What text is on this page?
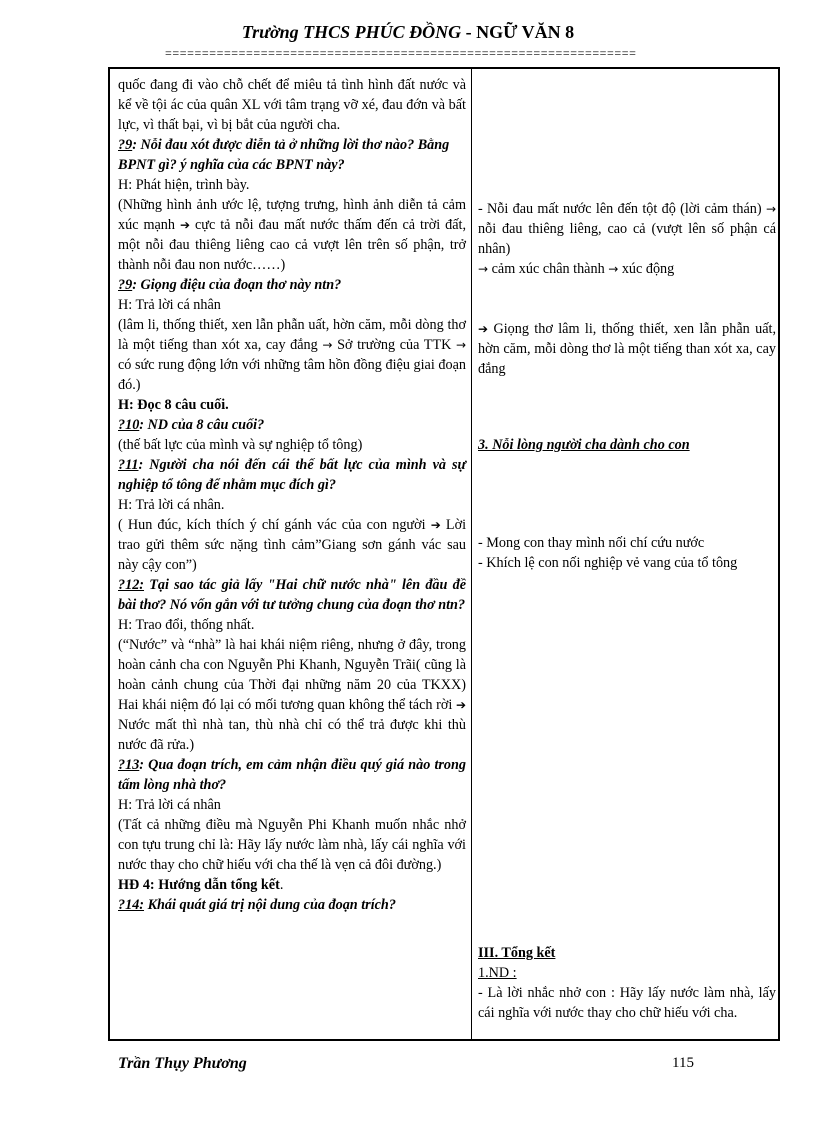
Trường THCS PHÚC ĐỒNG - NGỮ VĂN 8
================================================================

quốc đang đi vào chỗ chết để miêu tả tình hình đất nước và kể về tội ác của quân XL với tâm trạng vỡ xé, đau đớn và bất lực, vì thất bại, vì bị bắt của người cha.

?9: Nỗi đau xót được diễn tả ở những lời thơ nào? Bằng BPNT gì? ý nghĩa của các BPNT này?

H: Phát hiện, trình bày.

(Những hình ảnh ước lệ, tượng trưng, hình ảnh diễn tả cảm xúc mạnh ➔ cực tả nỗi đau mất nước thấm đến cả trời đất, một nỗi đau thiêng liêng cao cả vượt lên trên số phận, trở thành nỗi đau non nước……)

?9: Giọng điệu của đoạn thơ này ntn?

H: Trả lời cá nhân

(lâm li, thống thiết, xen lẫn phẫn uất, hờn căm, mỗi dòng thơ là một tiếng than xót xa, cay đắng → Sở trường của TTK → có sức rung động lớn với những tâm hồn đồng điệu giai đoạn đó.)

H: Đọc 8 câu cuối.

?10: ND của 8 câu cuối?

(thế bất lực của mình và sự nghiệp tổ tông)

?11: Người cha nói đến cái thế bất lực của mình và sự nghiệp tổ tông để nhằm mục đích gì?

H: Trả lời cá nhân.

( Hun đúc, kích thích ý chí gánh vác của con người ➔ Lời trao gửi thêm sức nặng tình cảm”Giang sơn gánh vác sau này cậy con”)

?12: Tại sao tác giả lấy "Hai chữ nước nhà" lên đầu đề bài thơ? Nó vốn gắn với tư tưởng chung của đoạn thơ ntn?

H: Trao đổi, thống nhất.

(“Nước” và “nhà” là hai khái niệm riêng, nhưng ở đây, trong hoàn cảnh cha con Nguyễn Phi Khanh, Nguyễn Trãi( cũng là hoàn cảnh chung của Thời đại những năm 20 của TKXX) Hai khái niệm đó lại có mối tương quan không thể tách rời ➔ Nước mất thì nhà tan, thù nhà chỉ có thể trả được khi thù nước đã rửa.)

?13: Qua đoạn trích, em cảm nhận điều quý giá nào trong tấm lòng nhà thơ?

H: Trả lời cá nhân

(Tất cả những điều mà Nguyễn Phi Khanh muốn nhắc nhở con tựu trung chỉ là: Hãy lấy nước làm nhà, lấy cái nghĩa với nước thay cho chữ hiếu với cha thế là vẹn cả đôi đường.)

HĐ 4: Hướng dẫn tổng kết.

?14: Khái quát giá trị nội dung của đoạn trích?

- Nỗi đau mất nước lên đến tột độ (lời cảm thán) → nỗi đau thiêng liêng, cao cả (vượt lên số phận cá nhân)

→ cảm xúc chân thành → xúc động

➔ Giọng thơ lâm li, thống thiết, xen lẫn phẫn uất, hờn căm, mỗi dòng thơ là một tiếng than xót xa, cay đắng

3. Nỗi lòng người cha dành cho con

- Mong con thay mình nối chí cứu nước

- Khích lệ con nối nghiệp vẻ vang của tổ tông

III. Tổng kết

1.ND :

- Là lời nhắc nhở con : Hãy lấy nước làm nhà, lấy cái nghĩa với nước thay cho chữ hiếu với cha.

Trần Thụy Phương	115
